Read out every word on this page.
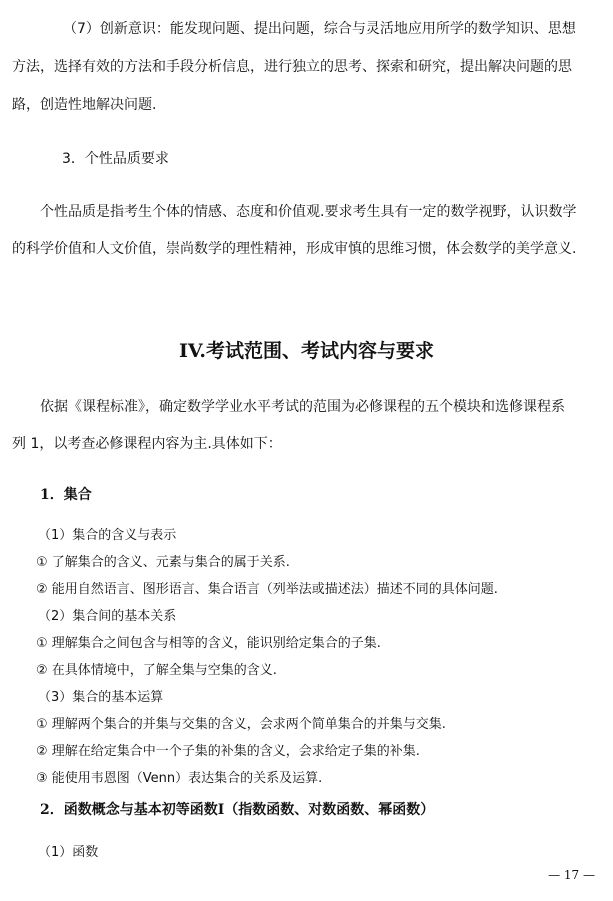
（7）创新意识：能发现问题、提出问题，综合与灵活地应用所学的数学知识、思想
方法，选择有效的方法和手段分析信息，进行独立的思考、探索和研究，提出解决问题的思
路，创造性地解决问题.
3．个性品质要求
个性品质是指考生个体的情感、态度和价值观.要求考生具有一定的数学视野，认识数学
的科学价值和人文价值，崇尚数学的理性精神，形成审慎的思维习惯，体会数学的美学意义.
IV.考试范围、考试内容与要求
依据《课程标准》，确定数学学业水平考试的范围为必修课程的五个模块和选修课程系
列 1，以考查必修课程内容为主.具体如下：
1．集合
（1）集合的含义与表示
① 了解集合的含义、元素与集合的属于关系.
② 能用自然语言、图形语言、集合语言（列举法或描述法）描述不同的具体问题.
（2）集合间的基本关系
① 理解集合之间包含与相等的含义，能识别给定集合的子集.
② 在具体情境中，了解全集与空集的含义.
（3）集合的基本运算
① 理解两个集合的并集与交集的含义，会求两个简单集合的并集与交集.
② 理解在给定集合中一个子集的补集的含义，会求给定子集的补集.
③ 能使用韦恩图（Venn）表达集合的关系及运算.
2．函数概念与基本初等函数Ⅰ（指数函数、对数函数、幂函数）
（1）函数
— 17 —
